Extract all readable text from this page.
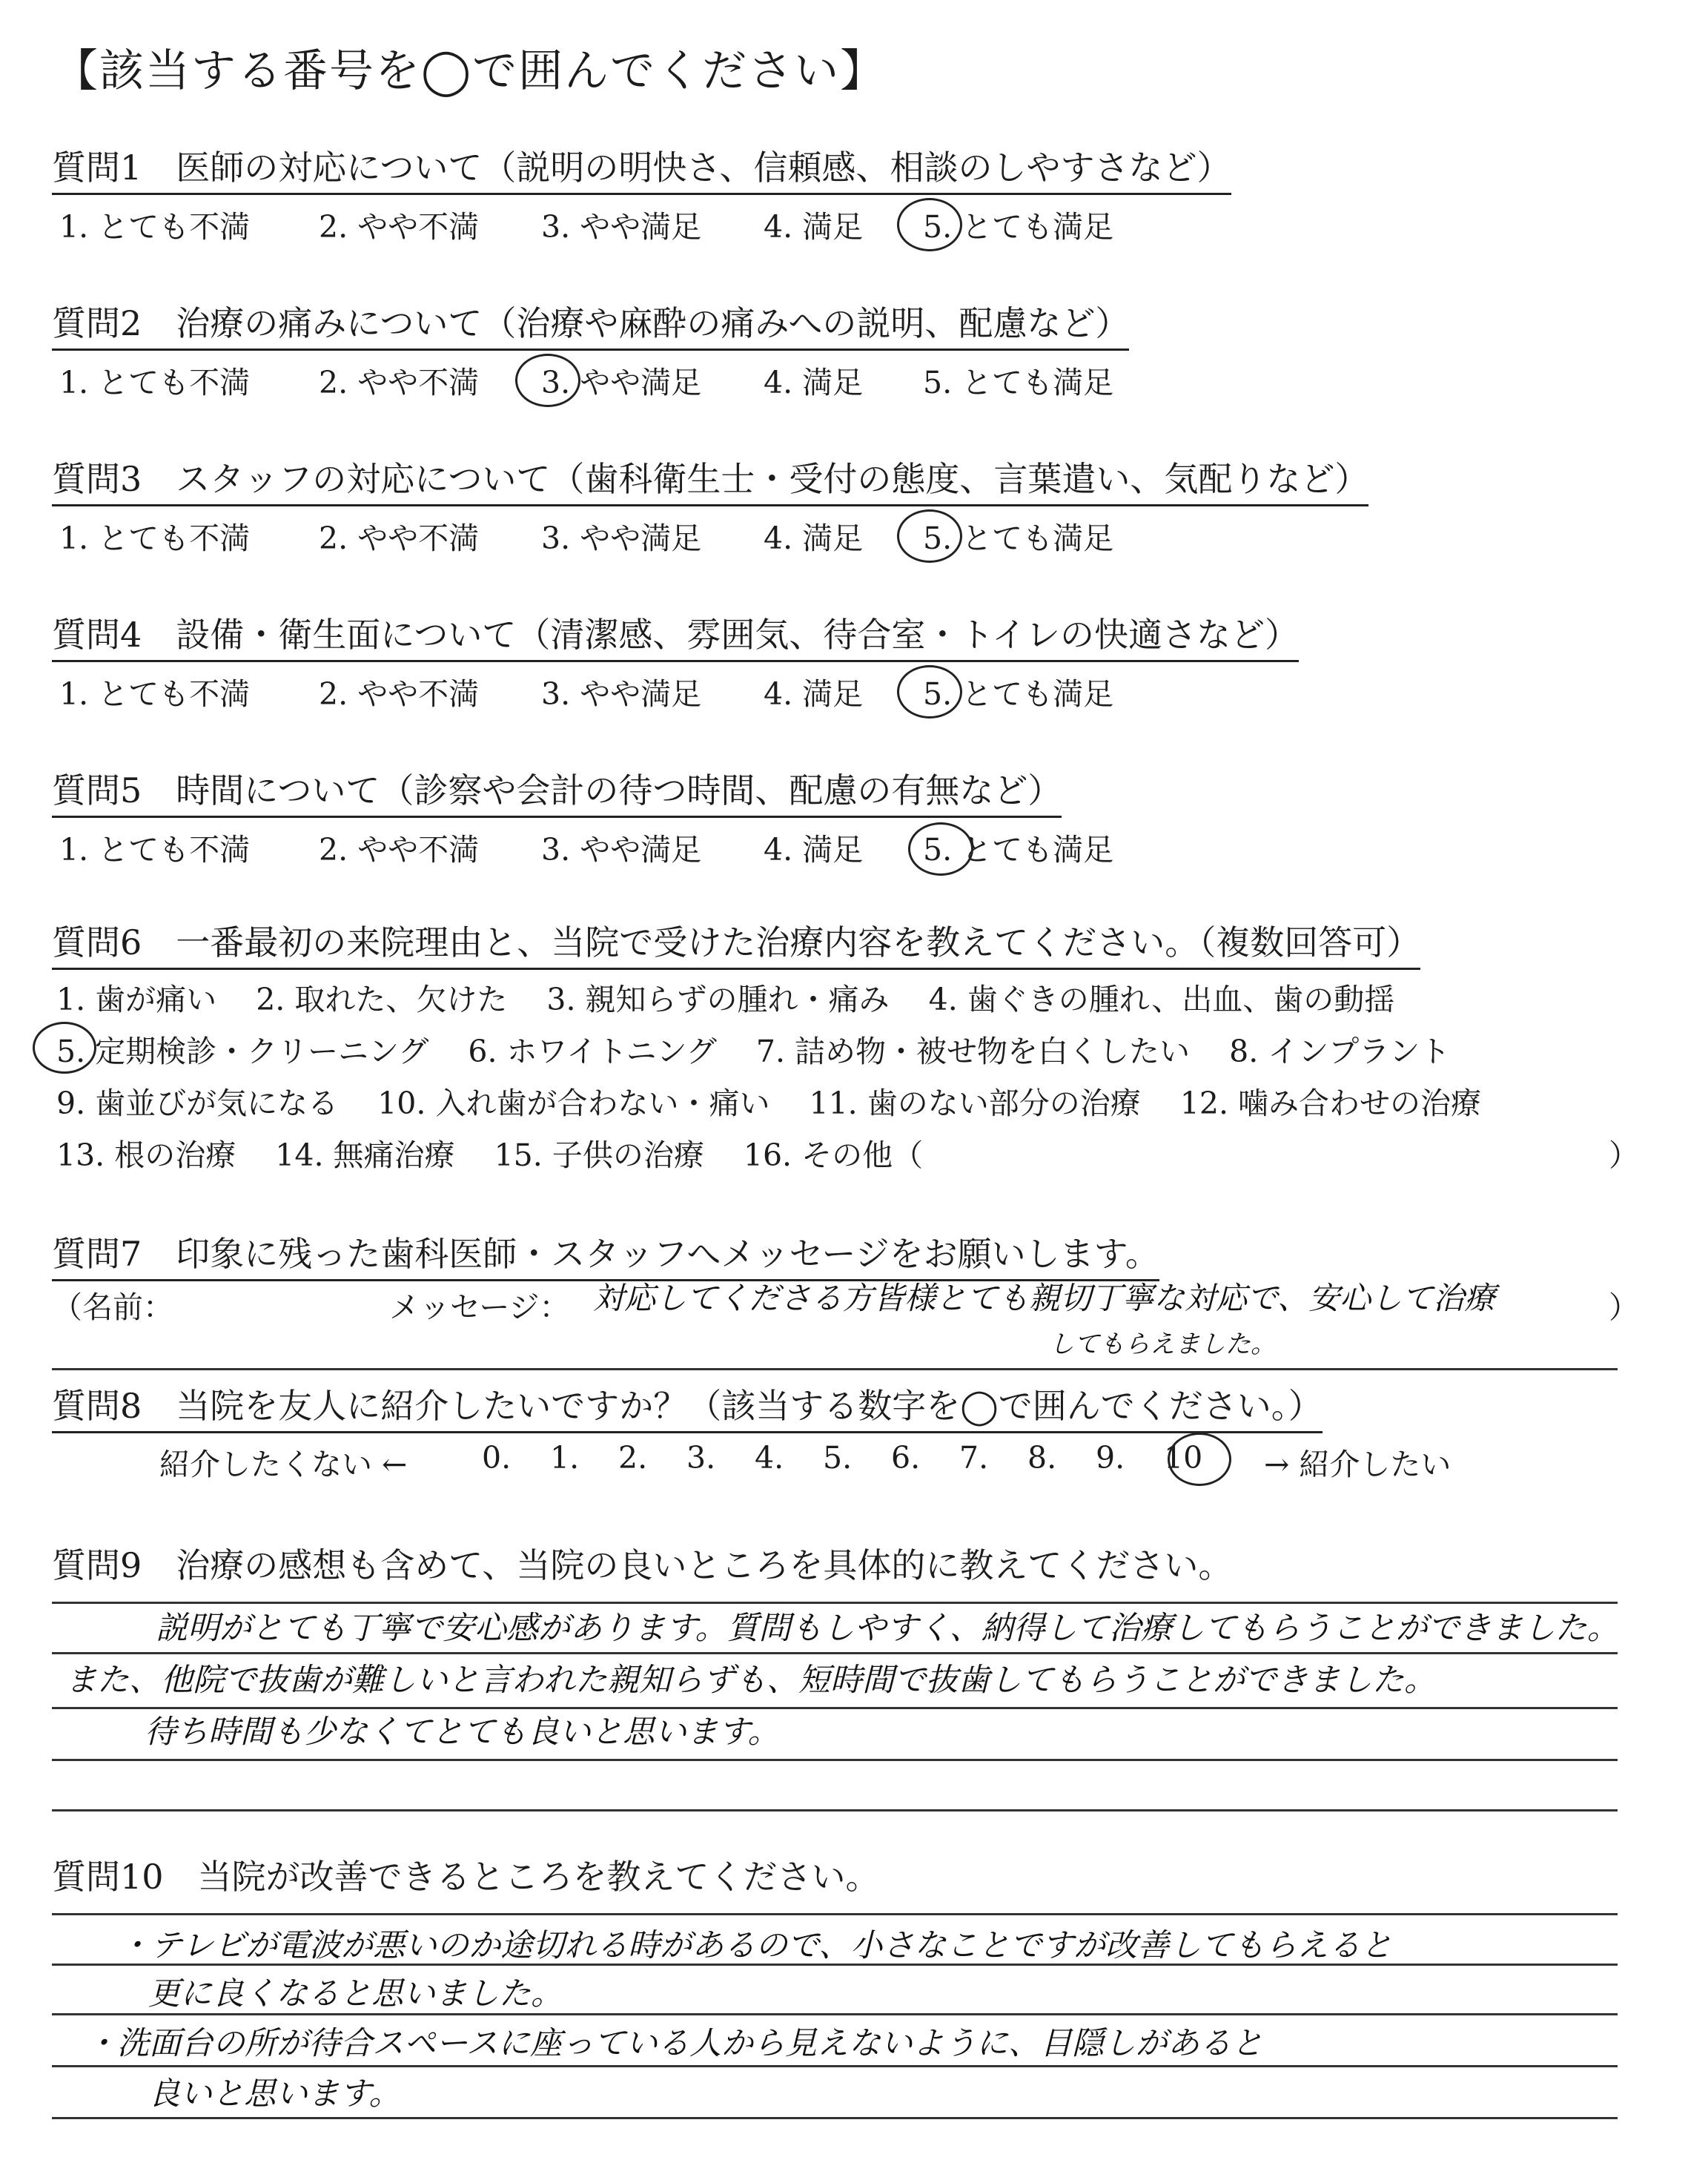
【該当する番号を◯で囲んでください】
質問1　医師の対応について（説明の明快さ、信頼感、相談のしやすさなど）
1. とても不満 2. やや不満 3. やや満足 4. 満足 5. とても満足
質問2　治療の痛みについて（治療や麻酔の痛みへの説明、配慮など）
1. とても不満 2. やや不満 3. やや満足 4. 満足 5. とても満足
質問3　スタッフの対応について（歯科衛生士・受付の態度、言葉遣い、気配りなど）
1. とても不満 2. やや不満 3. やや満足 4. 満足 5. とても満足
質問4　設備・衛生面について（清潔感、雰囲気、待合室・トイレの快適さなど）
1. とても不満 2. やや不満 3. やや満足 4. 満足 5. とても満足
質問5　時間について（診察や会計の待つ時間、配慮の有無など）
1. とても不満 2. やや不満 3. やや満足 4. 満足 5. とても満足
質問6　一番最初の来院理由と、当院で受けた治療内容を教えてください。（複数回答可）
1. 歯が痛い 2. 取れた、欠けた 3. 親知らずの腫れ・痛み 4. 歯ぐきの腫れ、出血、歯の動揺
5. 定期検診・クリーニング 6. ホワイトニング 7. 詰め物・被せ物を白くしたい 8. インプラント
9. 歯並びが気になる 10. 入れ歯が合わない・痛い 11. 歯のない部分の治療 12. 噛み合わせの治療
13. 根の治療 14. 無痛治療 15. 子供の治療 16. その他（	）
質問7　印象に残った歯科医師・スタッフへメッセージをお願いします。
（名前：	メッセージ： 対応してくださる方皆様とても親切丁寧な対応で、安心して治療
してもらえました。
）
質問8　当院を友人に紹介したいですか？（該当する数字を◯で囲んでください。）
紹介したくない ← 0. 1. 2. 3. 4. 5. 6. 7. 8. 9. 10 → 紹介したい
質問9　治療の感想も含めて、当院の良いところを具体的に教えてください。
説明がとても丁寧で安心感があります。質問もしやすく、納得して治療してもらうことができました。
また、他院で抜歯が難しいと言われた親知らずも、短時間で抜歯してもらうことができました。
待ち時間も少なくてとても良いと思います。
質問10　当院が改善できるところを教えてください。
・テレビが電波が悪いのか途切れる時があるので、小さなことですが改善してもらえると
更に良くなると思いました。
・洗面台の所が待合スペースに座っている人から見えないように、目隠しがあると
良いと思います。
